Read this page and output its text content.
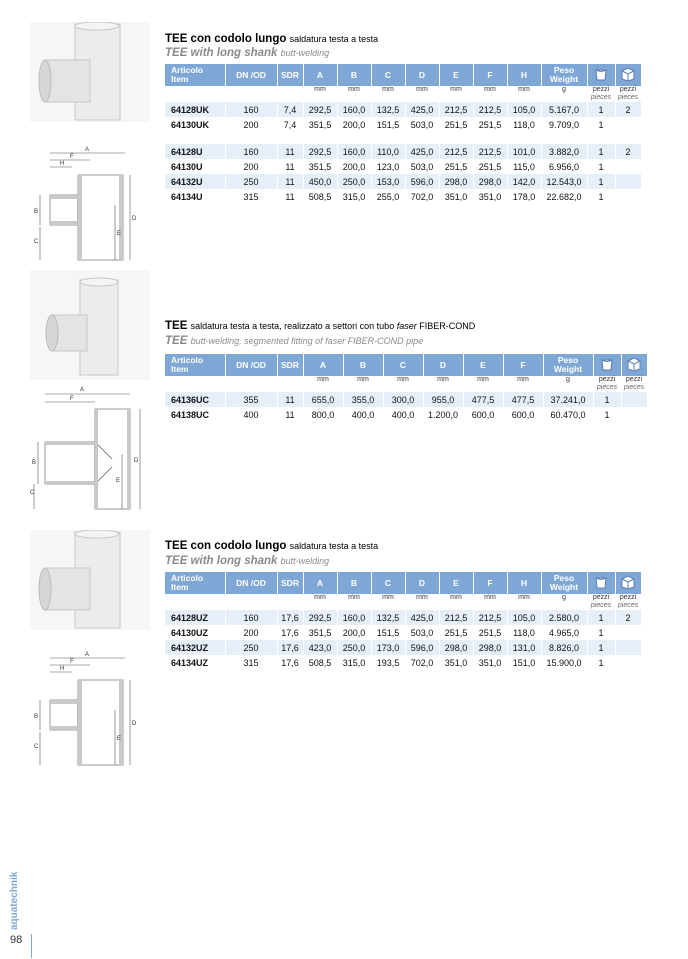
A
F
H
B
C
D
E
TEE con codolo lungo saldatura testa a testa
TEE with long shank butt-welding
Articolo
Item	DN /OD	SDR	A	B	C	D	E	F	H	Peso
Weight		
			mm	mm	mm	mm	mm	mm	mm	g	pezzi
pieces	pezzi
pieces
64128UK	160	7,4	292,5	160,0	132,5	425,0	212,5	212,5	105,0	5.167,0	1	2
64130UK	200	7,4	351,5	200,0	151,5	503,0	251,5	251,5	118,0	9.709,0	1	

64128U	160	11	292,5	160,0	110,0	425,0	212,5	212,5	101,0	3.882,0	1	2
64130U	200	11	351,5	200,0	123,0	503,0	251,5	251,5	115,0	6.956,0	1	
64132U	250	11	450,0	250,0	153,0	596,0	298,0	298,0	142,0	12.543,0	1	
64134U	315	11	508,5	315,0	255,0	702,0	351,0	351,0	178,0	22.682,0	1	
A
F
B
C
D
E
TEE saldatura testa a testa, realizzato a settori con tubo faser FIBER-COND
TEE butt-welding, segmented fitting of faser FIBER-COND pipe
Articolo
Item	DN /OD	SDR	A	B	C	D	E	F	Peso
Weight		
			mm	mm	mm	mm	mm	mm	g	pezzi
pieces	pezzi
pieces
64136UC	355	11	655,0	355,0	300,0	955,0	477,5	477,5	37.241,0	1	
64138UC	400	11	800,0	400,0	400,0	1.200,0	600,0	600,0	60.470,0	1	
A
F
H
B
C
D
E
TEE con codolo lungo saldatura testa a testa
TEE with long shank butt-welding
Articolo
Item	DN /OD	SDR	A	B	C	D	E	F	H	Peso
Weight		
			mm	mm	mm	mm	mm	mm	mm	g	pezzi
pieces	pezzi
pieces
64128UZ	160	17,6	292,5	160,0	132,5	425,0	212,5	212,5	105,0	2.580,0	1	2
64130UZ	200	17,6	351,5	200,0	151,5	503,0	251,5	251,5	118,0	4.965,0	1	
64132UZ	250	17,6	423,0	250,0	173,0	596,0	298,0	298,0	131,0	8.826,0	1	
64134UZ	315	17,6	508,5	315,0	193,5	702,0	351,0	351,0	151,0	15.900,0	1	
aquatechnik
98
